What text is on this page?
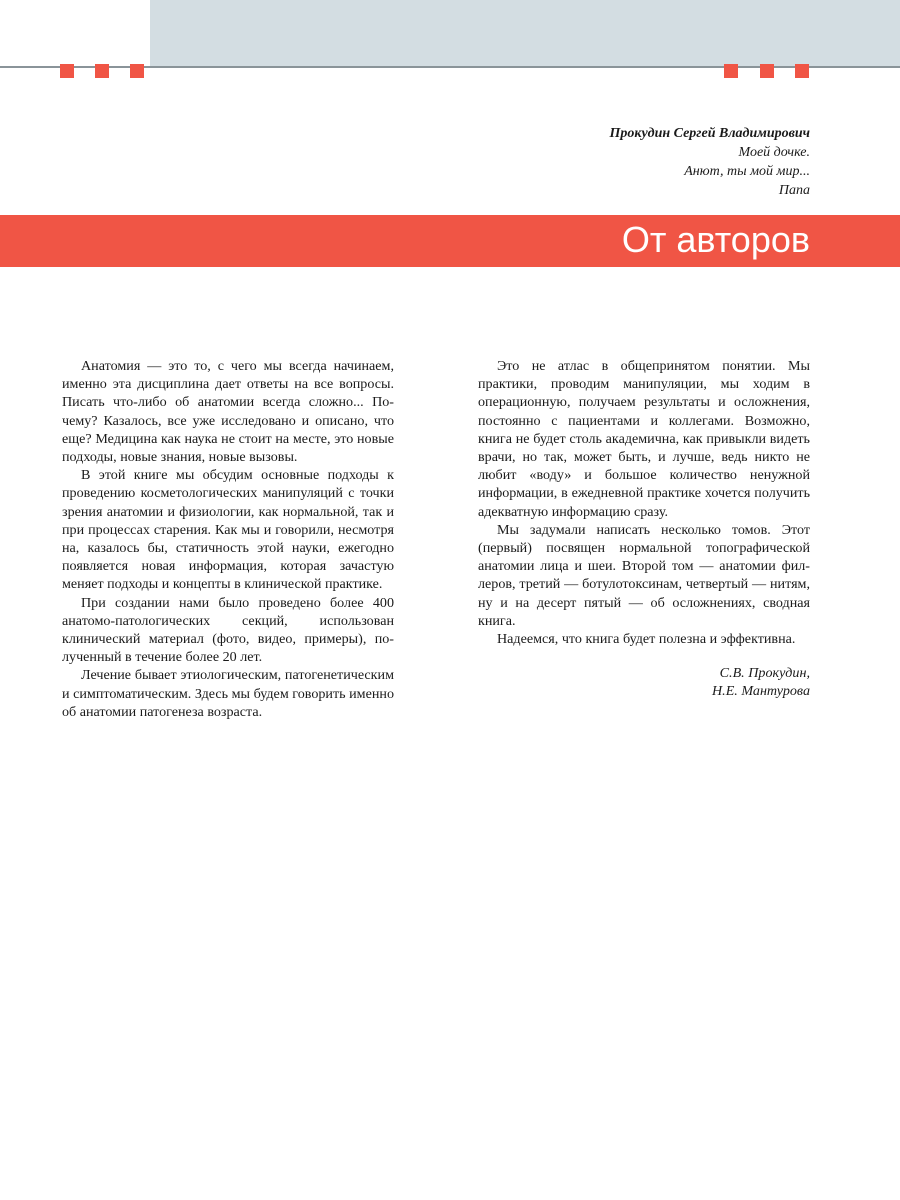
Прокудин Сергей Владимирович
Моей дочке.
Анют, ты мой мир...
Папа
От авторов

Анатомия — это то, с чего мы всегда начинаем, именно эта дисциплина дает ответы на все вопросы. Писать что-либо об анатомии всегда сложно... Почему? Казалось, все уже исследовано и описано, что еще? Медицина как наука не стоит на месте, это новые подходы, новые знания, новые вызовы.

В этой книге мы обсудим основные подходы к проведению косметологических манипуляций с точки зрения анатомии и физиологии, как нормальной, так и при процессах старения. Как мы и говорили, несмотря на, казалось бы, статичность этой науки, ежегодно появляется новая информация, которая зачастую меняет подходы и концепты в клинической практике.

При создании нами было проведено более 400 анатомо-патологических секций, использован клинический материал (фото, видео, примеры), полученный в течение более 20 лет.

Лечение бывает этиологическим, патогенетическим и симптоматическим. Здесь мы будем говорить именно об анатомии патогенеза возраста.

Это не атлас в общепринятом понятии. Мы практики, проводим манипуляции, мы ходим в операционную, получаем результаты и осложнения, постоянно с пациентами и коллегами. Возможно, книга не будет столь академична, как привыкли видеть врачи, но так, может быть, и лучше, ведь никто не любит «воду» и большое количество ненужной информации, в ежедневной практике хочется получить адекватную информацию сразу.

Мы задумали написать несколько томов. Этот (первый) посвящен нормальной топографической анатомии лица и шеи. Второй том — анатомии филлеров, третий — ботулотоксинам, четвертый — нитям, ну и на десерт пятый — об осложнениях, сводная книга.

Надеемся, что книга будет полезна и эффективна.

С.В. Прокудин,
Н.Е. Мантурова
